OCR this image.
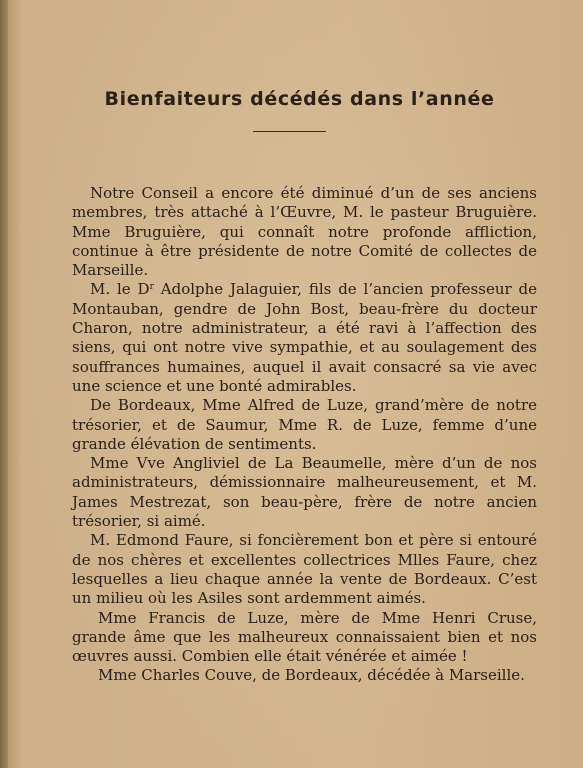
Bienfaiteurs décédés dans l’année

Notre Conseil a encore été diminué d’un de ses anciens membres, très attaché à l’Œuvre, M. le pasteur Bruguière. Mme Bruguière, qui connaît notre profonde affliction, continue à être présidente de notre Comité de collectes de Marseille.

M. le $D^r$ Adolphe Jalaguier, fils de l’ancien professeur de Montauban, gendre de John Bost, beau-frère du docteur Charon, notre administrateur, a été ravi à l’affection des siens, qui ont notre vive sympathie, et au soulagement des souffrances humaines, auquel il avait consacré sa vie avec une science et une bonté admirables.

De Bordeaux, Mme Alfred de Luze, grand’mère de notre trésorier, et de Saumur, Mme R. de Luze, femme d’une grande élévation de sentiments.

Mme Vve Angliviel de La Beaumelle, mère d’un de nos administrateurs, démissionnaire malheureusement, et M. James Mestrezat, son beau-père, frère de notre ancien trésorier, si aimé.

M. Edmond Faure, si foncièrement bon et père si entouré de nos chères et excellentes collectrices Mlles Faure, chez lesquelles a lieu chaque année la vente de Bordeaux. C’est un milieu où les Asiles sont ardemment aimés.

Mme Francis de Luze, mère de Mme Henri Cruse, grande âme que les malheureux connaissaient bien et nos œuvres aussi. Combien elle était vénérée et aimée !

Mme Charles Couve, de Bordeaux, décédée à Marseille.
